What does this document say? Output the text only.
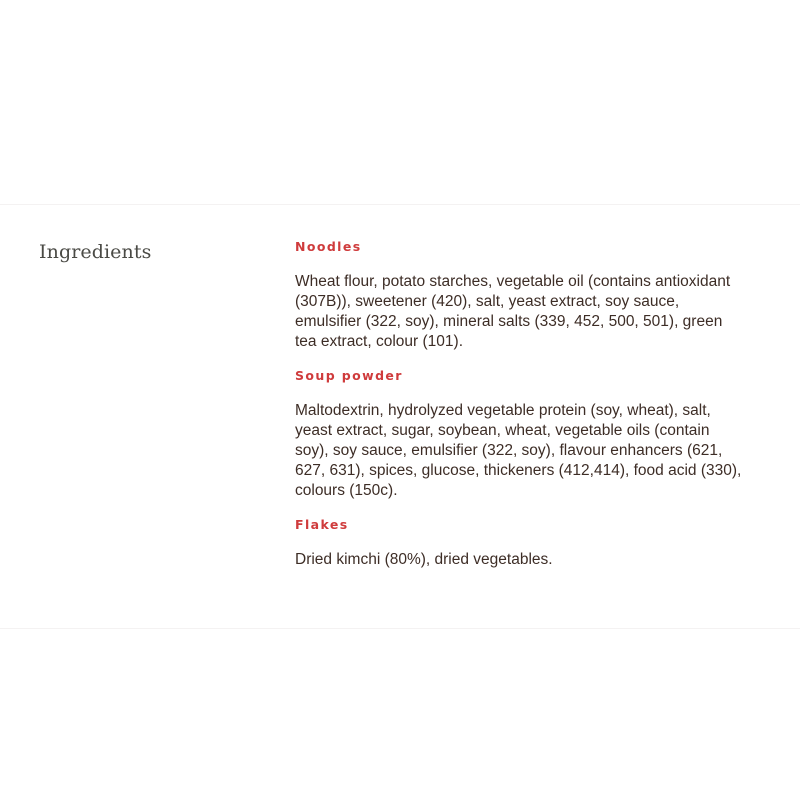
Ingredients	Noodles
Wheat flour, potato starches, vegetable oil (contains antioxidant
(307B)), sweetener (420), salt, yeast extract, soy sauce,
emulsifier (322, soy), mineral salts (339, 452, 500, 501), green
tea extract, colour (101).
Soup powder
Maltodextrin, hydrolyzed vegetable protein (soy, wheat), salt,
yeast extract, sugar, soybean, wheat, vegetable oils (contain
soy), soy sauce, emulsifier (322, soy), flavour enhancers (621,
627, 631), spices, glucose, thickeners (412,414), food acid (330),
colours (150c).
Flakes
Dried kimchi (80%), dried vegetables.
